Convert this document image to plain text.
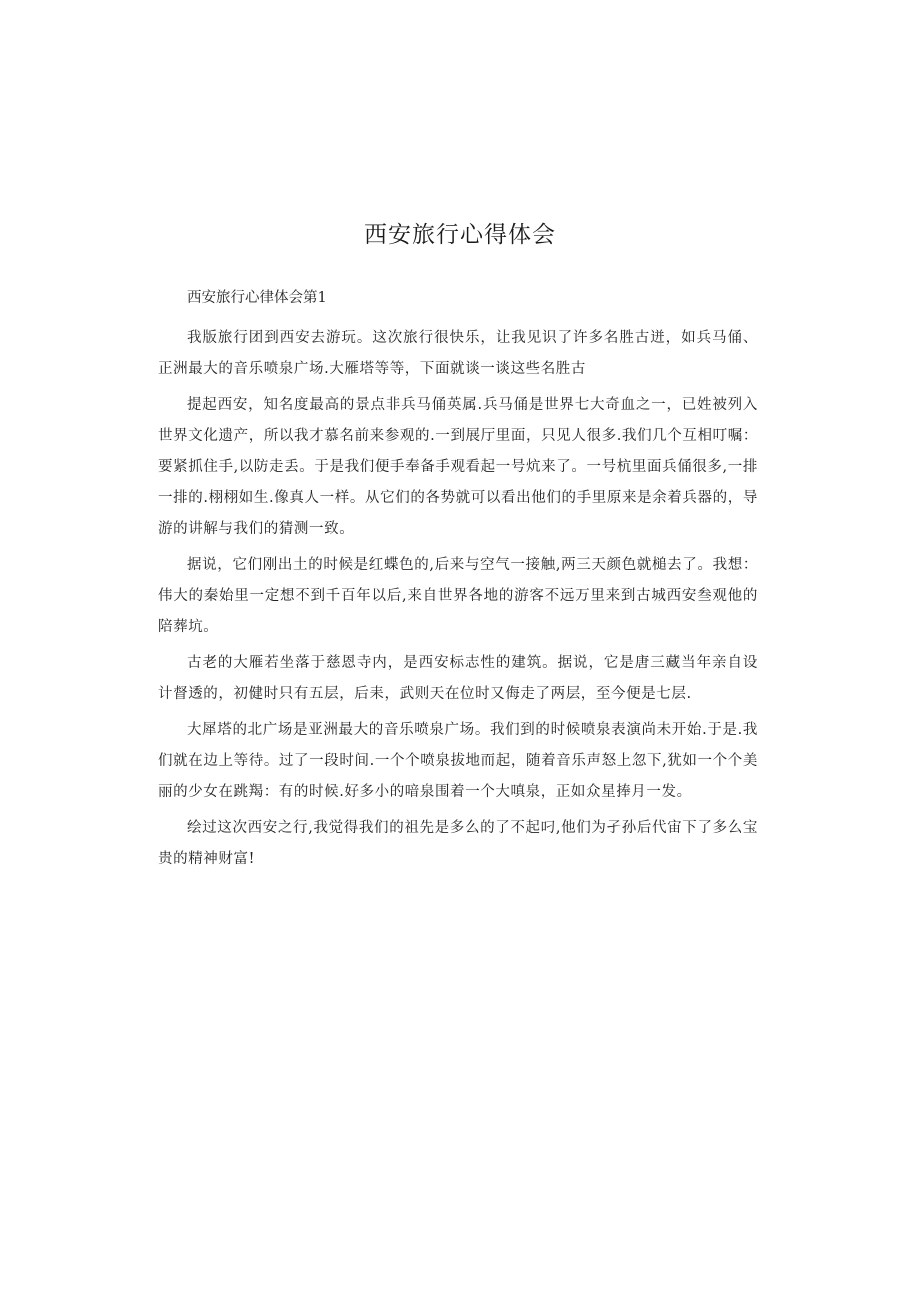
西安旅行心得体会

西安旅行心律体会第1

我版旅行团到西安去游玩。这次旅行很快乐，让我见识了许多名胜古迸，如兵马俑、正洲最大的音乐喷泉广场.大雁塔等等，下面就谈一谈这些名胜古

提起西安，知名度最高的景点非兵马俑英属.兵马俑是世界七大奇血之一，已姓被列入世界文化遗产，所以我才慕名前来参观的.一到展厅里面，只见人很多.我们几个互相叮嘱：要紧抓住手,以防走丢。于是我们便手奉备手观看起一号炕来了。一号杭里面兵俑很多,一排一排的.栩栩如生.像真人一样。从它们的各势就可以看出他们的手里原来是余着兵器的，导游的讲解与我们的猜测一致。

据说，它们刚出土的时候是红蝶色的,后来与空气一接触,两三天颜色就槌去了。我想：伟大的秦始里一定想不到千百年以后,来自世界各地的游客不远万里来到古城西安叁观他的陪葬坑。

古老的大雁若坐落于慈恩寺内，是西安标志性的建筑。据说，它是唐三藏当年亲自设计督透的，初健时只有五层，后耒，武则天在位时又侮走了两层，至今便是七层.

大犀塔的北广场是亚洲最大的音乐喷泉广场。我们到的时候喷泉表演尚未开始.于是.我们就在边上等待。过了一段时间.一个个喷泉拔地而起，随着音乐声怒上忽下,犹如一个个美丽的少女在跳羯：有的时候.好多小的喑泉围着一个大嗔泉，正如众星捧月一发。

绘过这次西安之行,我觉得我们的祖先是多么的了不起叼,他们为孑孙后代宙下了多么宝贵的精神财富!
